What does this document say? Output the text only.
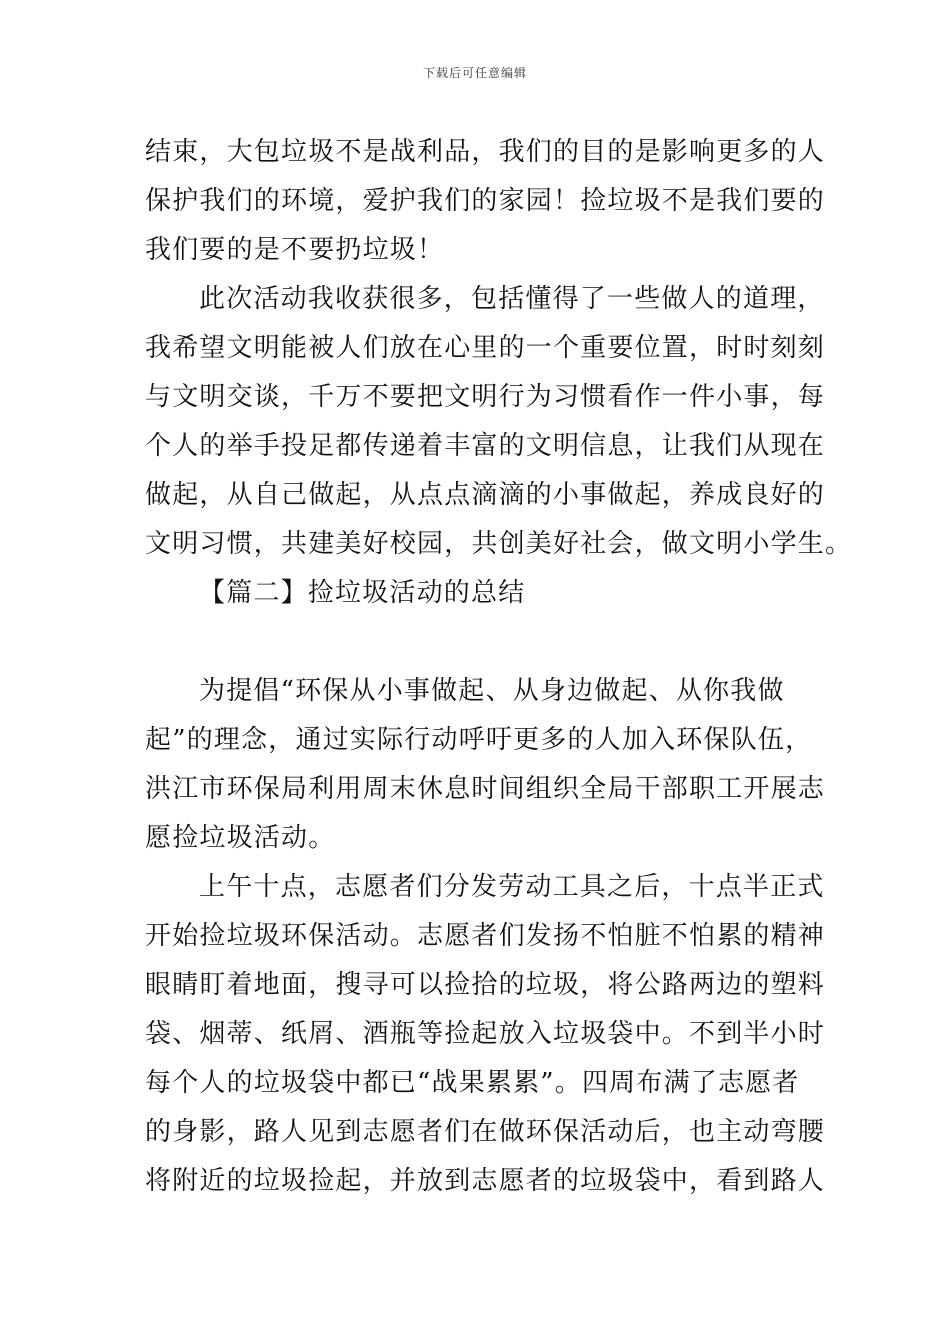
下载后可任意编辑
结束，大包垃圾不是战利品，我们的目的是影响更多的人
保护我们的环境，爱护我们的家园！捡垃圾不是我们要的
我们要的是不要扔垃圾！
此次活动我收获很多，包括懂得了一些做人的道理，
我希望文明能被人们放在心里的一个重要位置，时时刻刻
与文明交谈，千万不要把文明行为习惯看作一件小事，每
个人的举手投足都传递着丰富的文明信息，让我们从现在
做起，从自己做起，从点点滴滴的小事做起，养成良好的
文明习惯，共建美好校园，共创美好社会，做文明小学生。
【篇二】捡垃圾活动的总结
为提倡“环保从小事做起、从身边做起、从你我做
起”的理念，通过实际行动呼吁更多的人加入环保队伍，
洪江市环保局利用周末休息时间组织全局干部职工开展志
愿捡垃圾活动。
上午十点，志愿者们分发劳动工具之后，十点半正式
开始捡垃圾环保活动。志愿者们发扬不怕脏不怕累的精神
眼睛盯着地面，搜寻可以捡拾的垃圾，将公路两边的塑料
袋、烟蒂、纸屑、酒瓶等捡起放入垃圾袋中。不到半小时
每个人的垃圾袋中都已“战果累累”。四周布满了志愿者
的身影，路人见到志愿者们在做环保活动后，也主动弯腰
将附近的垃圾捡起，并放到志愿者的垃圾袋中，看到路人
